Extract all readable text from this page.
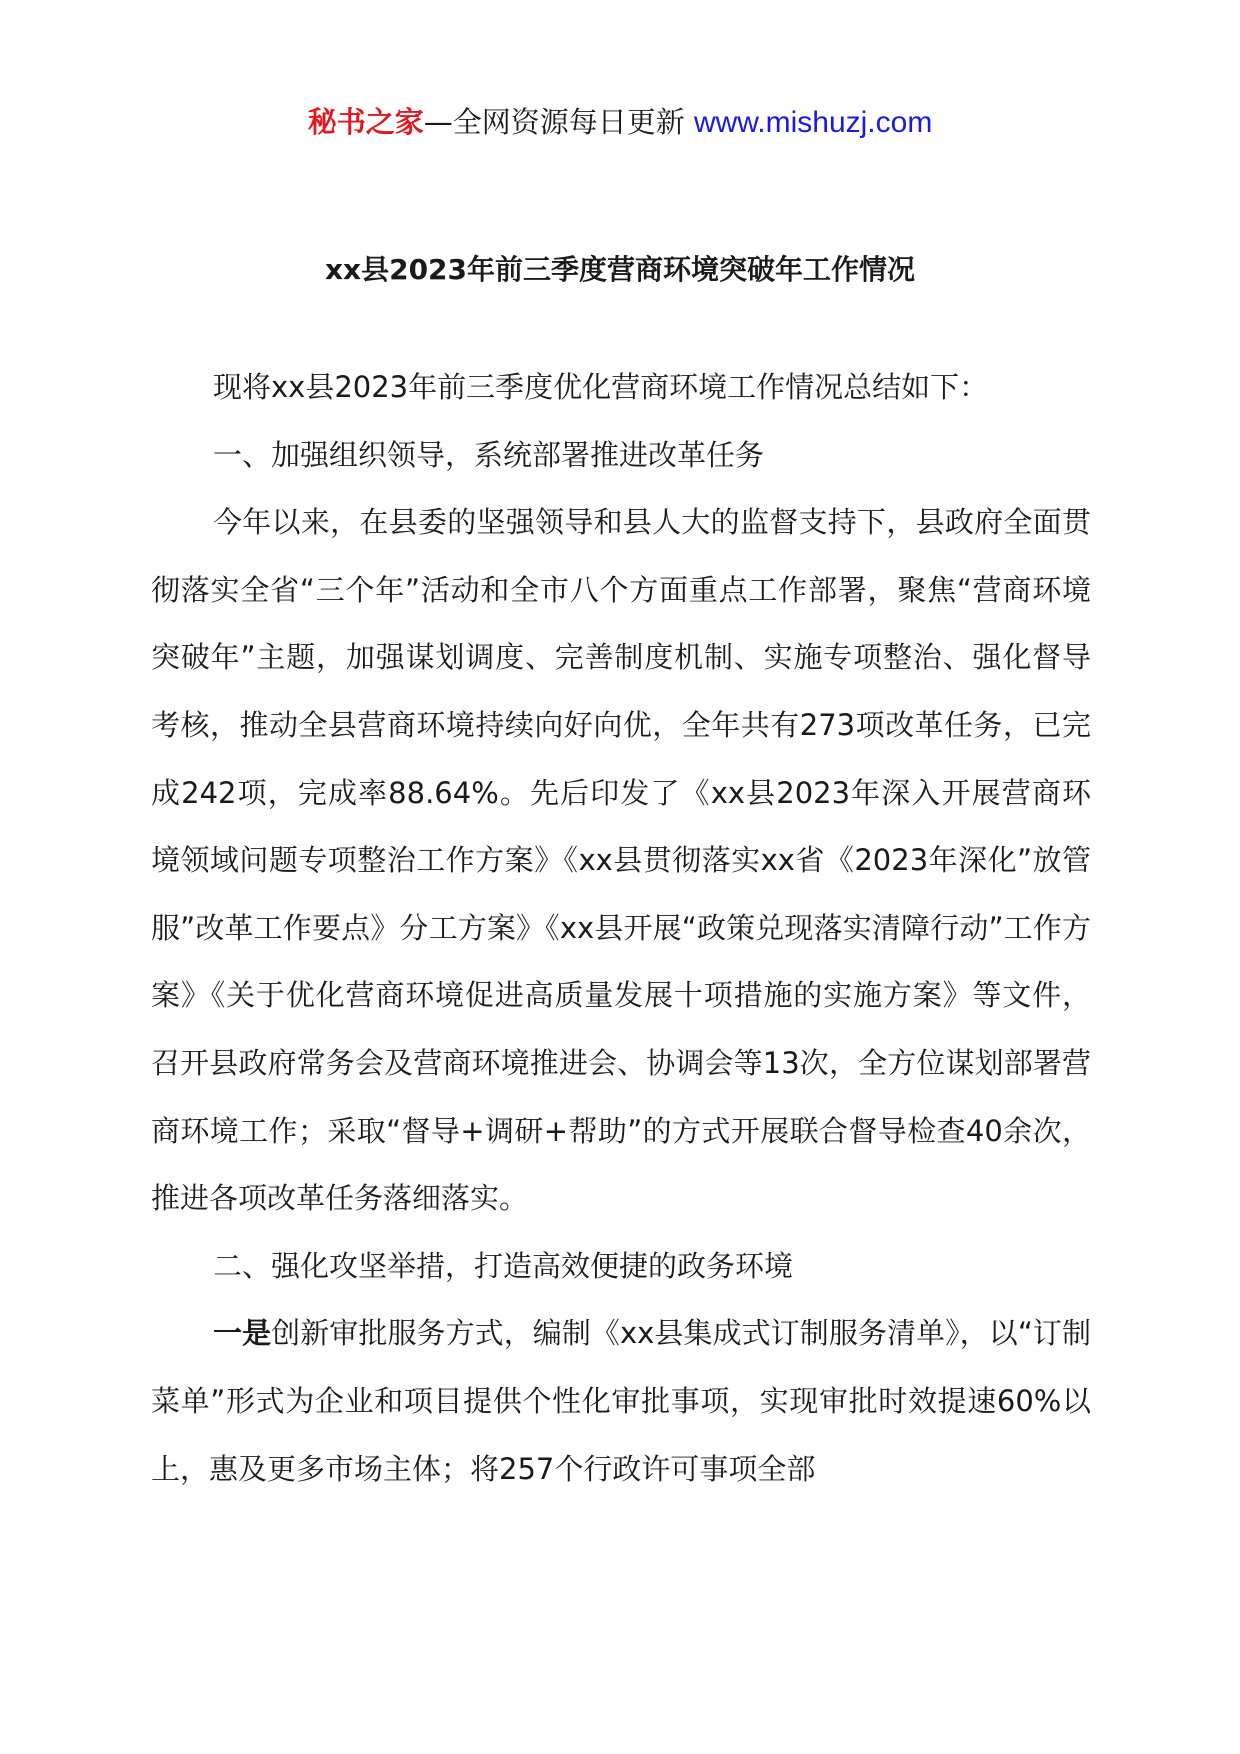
秘书之家—全网资源每日更新 www.mishuzj.com
xx县2023年前三季度营商环境突破年工作情况

现将xx县2023年前三季度优化营商环境工作情况总结如下：

一、加强组织领导，系统部署推进改革任务

今年以来，在县委的坚强领导和县人大的监督支持下，县政府全面贯彻落实全省“三个年”活动和全市八个方面重点工作部署，聚焦“营商环境突破年”主题，加强谋划调度、完善制度机制、实施专项整治、强化督导考核，推动全县营商环境持续向好向优，全年共有273项改革任务，已完成242项，完成率88.64%。先后印发了《xx县2023年深入开展营商环境领域问题专项整治工作方案》《xx县贯彻落实xx省《2023年深化”放管服”改革工作要点》分工方案》《xx县开展“政策兑现落实清障行动”工作方案》《关于优化营商环境促进高质量发展十项措施的实施方案》等文件，召开县政府常务会及营商环境推进会、协调会等13次，全方位谋划部署营商环境工作；采取“督导+调研+帮助”的方式开展联合督导检查40余次，推进各项改革任务落细落实。

二、强化攻坚举措，打造高效便捷的政务环境

一是创新审批服务方式，编制《xx县集成式订制服务清单》，以“订制菜单”形式为企业和项目提供个性化审批事项，实现审批时效提速60%以上，惠及更多市场主体；将257个行政许可事项全部
